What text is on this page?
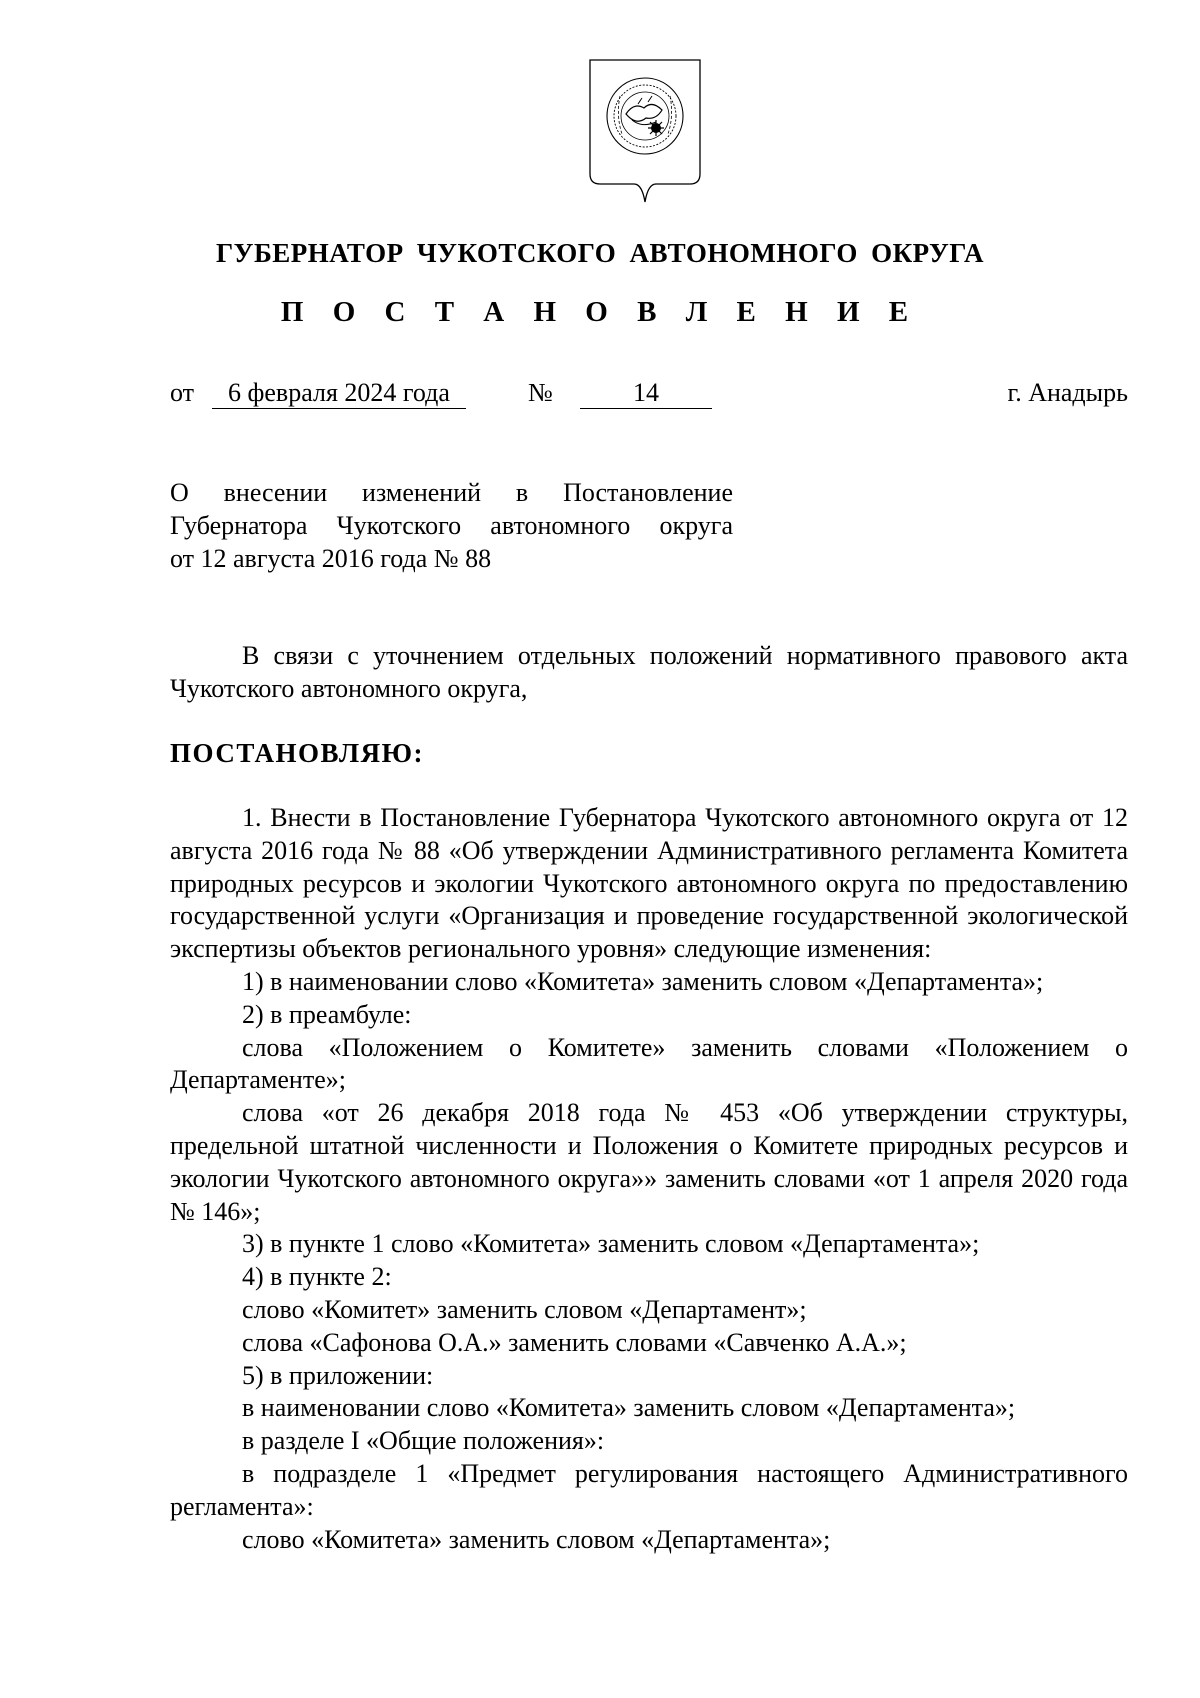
ГУБЕРНАТОР ЧУКОТСКОГО АВТОНОМНОГО ОКРУГА
П О С Т А Н О В Л Е Н И Е
от	6 февраля 2024 года	№	14	г. Анадырь
О внесении изменений в Постановление
Губернатора Чукотского автономного округа
от 12 августа 2016 года № 88
В связи с уточнением отдельных положений нормативного правового акта Чукотского автономного округа,
ПОСТАНОВЛЯЮ:
1. Внести в Постановление Губернатора Чукотского автономного округа от 12 августа 2016 года № 88 «Об утверждении Административного регламента Комитета природных ресурсов и экологии Чукотского автономного округа по предоставлению государственной услуги «Организация и проведение государственной экологической экспертизы объектов регионального уровня» следующие изменения:
1) в наименовании слово «Комитета» заменить словом «Департамента»;
2) в преамбуле:
слова «Положением о Комитете» заменить словами «Положением о Департаменте»;
слова «от 26 декабря 2018 года № 453 «Об утверждении структуры, предельной штатной численности и Положения о Комитете природных ресурсов и экологии Чукотского автономного округа»» заменить словами «от 1 апреля 2020 года № 146»;
3) в пункте 1 слово «Комитета» заменить словом «Департамента»;
4) в пункте 2:
слово «Комитет» заменить словом «Департамент»;
слова «Сафонова О.А.» заменить словами «Савченко А.А.»;
5) в приложении:
в наименовании слово «Комитета» заменить словом «Департамента»;
в разделе I «Общие положения»:
в подразделе 1 «Предмет регулирования настоящего Административного регламента»:
слово «Комитета» заменить словом «Департамента»;
